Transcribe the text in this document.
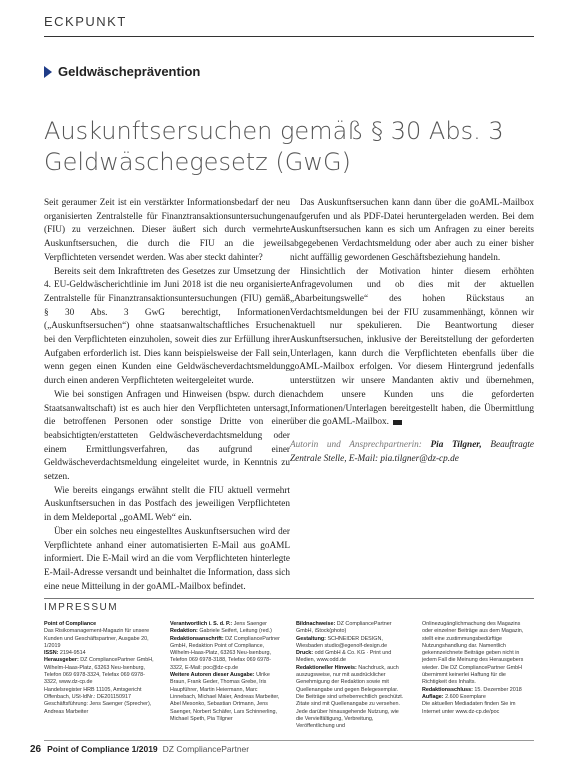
ECKPUNKT
Geldwäscheprävention
Auskunftsersuchen gemäß § 30 Abs. 3
Geldwäschegesetz (GwG)

Seit geraumer Zeit ist ein verstärkter Informationsbedarf der neu organisierten Zentralstelle für Finanztransaktionsuntersuchungen (FIU) zu verzeichnen. Dieser äußert sich durch vermehrte Auskunftsersuchen, die durch die FIU an die jeweils Verpflichteten versendet werden. Was aber steckt dahinter?

Bereits seit dem Inkrafttreten des Gesetzes zur Umsetzung der 4. EU-Geldwäscherichtlinie im Juni 2018 ist die neu organisierte Zentralstelle für Finanztransaktionsuntersuchungen (FIU) gemäß § 30 Abs. 3 GwG berechtigt, Informationen („Auskunftsersuchen“) ohne staatsanwaltschaftliches Ersuchen bei den Verpflichteten einzuholen, soweit dies zur Erfüllung ihrer Aufgaben erforderlich ist. Dies kann beispielsweise der Fall sein, wenn gegen einen Kunden eine Geldwäscheverdachtsmeldung durch einen anderen Verpflichteten weitergeleitet wurde.

Wie bei sonstigen Anfragen und Hinweisen (bspw. durch die Staatsanwaltschaft) ist es auch hier den Verpflichteten untersagt, die betroffenen Personen oder sonstige Dritte von einer beabsichtigten/erstatteten Geldwäscheverdachtsmeldung oder einem Ermittlungsverfahren, das aufgrund einer Geldwäscheverdachtsmeldung eingeleitet wurde, in Kenntnis zu setzen.

Wie bereits eingangs erwähnt stellt die FIU aktuell vermehrt Auskunftsersuchen in das Postfach des jeweiligen Verpflichteten in dem Meldeportal „goAML Web“ ein.

Über ein solches neu eingestelltes Auskunftsersuchen wird der Verpflichtete anhand einer automatisierten E-Mail aus goAML informiert. Die E-Mail wird an die vom Verpflichteten hinterlegte E-Mail-Adresse versandt und beinhaltet die Information, dass sich eine neue Mitteilung in der goAML-Mailbox befindet.

Das Auskunftsersuchen kann dann über die goAML-Mailbox aufgerufen und als PDF-Datei heruntergeladen werden. Bei dem Auskunftsersuchen kann es sich um Anfragen zu einer bereits abgegebenen Verdachtsmeldung oder aber auch zu einer bisher nicht auffällig gewordenen Geschäftsbeziehung handeln.

Hinsichtlich der Motivation hinter diesem erhöhten Anfragevolumen und ob dies mit der aktuellen „Abarbeitungswelle“ des hohen Rückstaus an Verdachtsmeldungen bei der FIU zusammenhängt, können wir aktuell nur spekulieren. Die Beantwortung dieser Auskunftsersuchen, inklusive der Bereitstellung der geforderten Unterlagen, kann durch die Verpflichteten ebenfalls über die goAML-Mailbox erfolgen. Vor diesem Hintergrund jedenfalls unterstützen wir unsere Mandanten aktiv und übernehmen, nachdem unsere Kunden uns die geforderten Informationen/Unterlagen bereitgestellt haben, die Übermittlung über die goAML-Mailbox.

Autorin und Ansprechpartnerin: Pia Tilgner, Beauftragte Zentrale Stelle, E-Mail: pia.tilgner@dz-cp.de

IMPRESSUM

Point of Compliance

Das Risikomanagement-Magazin für unsere Kunden und Geschäftspartner, Ausgabe 20, 1/2019

ISSN: 2194-9514

Herausgeber: DZ CompliancePartner GmbH, Wilhelm-Haas-Platz, 63263 Neu-Isenburg, Telefon 069 6978-3324, Telefax 069 6978-3322, www.dz-cp.de

Handelsregister HRB 11105, Amtsgericht Offenbach, USt-IdNr.: DE201150917

Geschäftsführung: Jens Saenger (Sprecher), Andreas Marbeiter

Verantwortlich i. S. d. P.: Jens Saenger

Redaktion: Gabriele Seifert, Leitung (red.)

Redaktionsanschrift: DZ CompliancePartner GmbH, Redaktion Point of Compliance, Wilhelm-Haas-Platz, 63263 Neu-Isenburg, Telefon 069 6978-3188, Telefax 069 6978-3322, E-Mail: poc@dz-cp.de

Weitere Autoren dieser Ausgabe: Ulrike Braun, Frank Geder, Thomas Grebe, Iris Haupführer, Martin Heiermann, Marc Linnebach, Michael Maier, Andreas Marbeiter, Abel Mesonko, Sebastian Ortmann, Jens Saenger, Norbert Schäfer, Lars Schinnerling, Michael Speth, Pia Tilgner

Bildnachweise: DZ CompliancePartner GmbH, iStock(photo)

Gestaltung: SCHNEIDER DESIGN, Wiesbaden studio@egenolf-design.de

Druck: odd GmbH & Co. KG · Print und Medien, www.odd.de

Redaktioneller Hinweis: Nachdruck, auch auszugsweise, nur mit ausdrücklicher Genehmigung der Redaktion sowie mit Quellenangabe und gegen Belegexemplar. Die Beiträge sind urheberrechtlich geschützt. Zitate sind mit Quellenangabe zu versehen. Jede darüber hinausgehende Nutzung, wie die Vervielfältigung, Verbreitung, Veröffentlichung und

Onlinezugänglichmachung des Magazins oder einzelner Beiträge aus dem Magazin, stellt eine zustimmungsbedürftige Nutzungshandlung dar. Namentlich gekennzeichnete Beiträge geben nicht in jedem Fall die Meinung des Herausgebers wieder. Die DZ CompliancePartner GmbH übernimmt keinerlei Haftung für die Richtigkeit des Inhalts.

Redaktionsschluss: 15. Dezember 2018

Auflage: 2.600 Exemplare

Die aktuellen Mediadaten finden Sie im Internet unter www.dz-cp.de/poc

26 Point of Compliance 1/2019 DZ CompliancePartner
